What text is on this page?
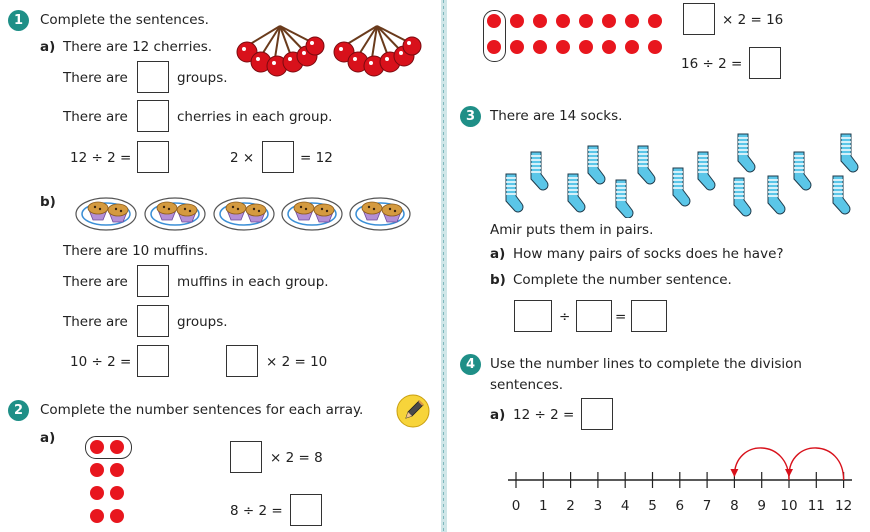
1	Complete the sentences.
a) There are 12 cherries.
There are	groups.
There are	cherries in each group.
12 ÷ 2 =	2 ×	= 12
b)
There are 10 muffins.
There are	muffins in each group.
There are	groups.
10 ÷ 2 =	× 2 = 10
2	Complete the number sentences for each array.
a)
× 2 = 8
8 ÷ 2 =
× 2 = 16
16 ÷ 2 =
3	There are 14 socks.
Amir puts them in pairs.
a) How many pairs of socks does he have?
b) Complete the number sentence.
÷	=
4	Use the number lines to complete the division
sentences.
a) 12 ÷ 2 =
0 1 2 3 4 5 6 7 8 9 10 11 12
